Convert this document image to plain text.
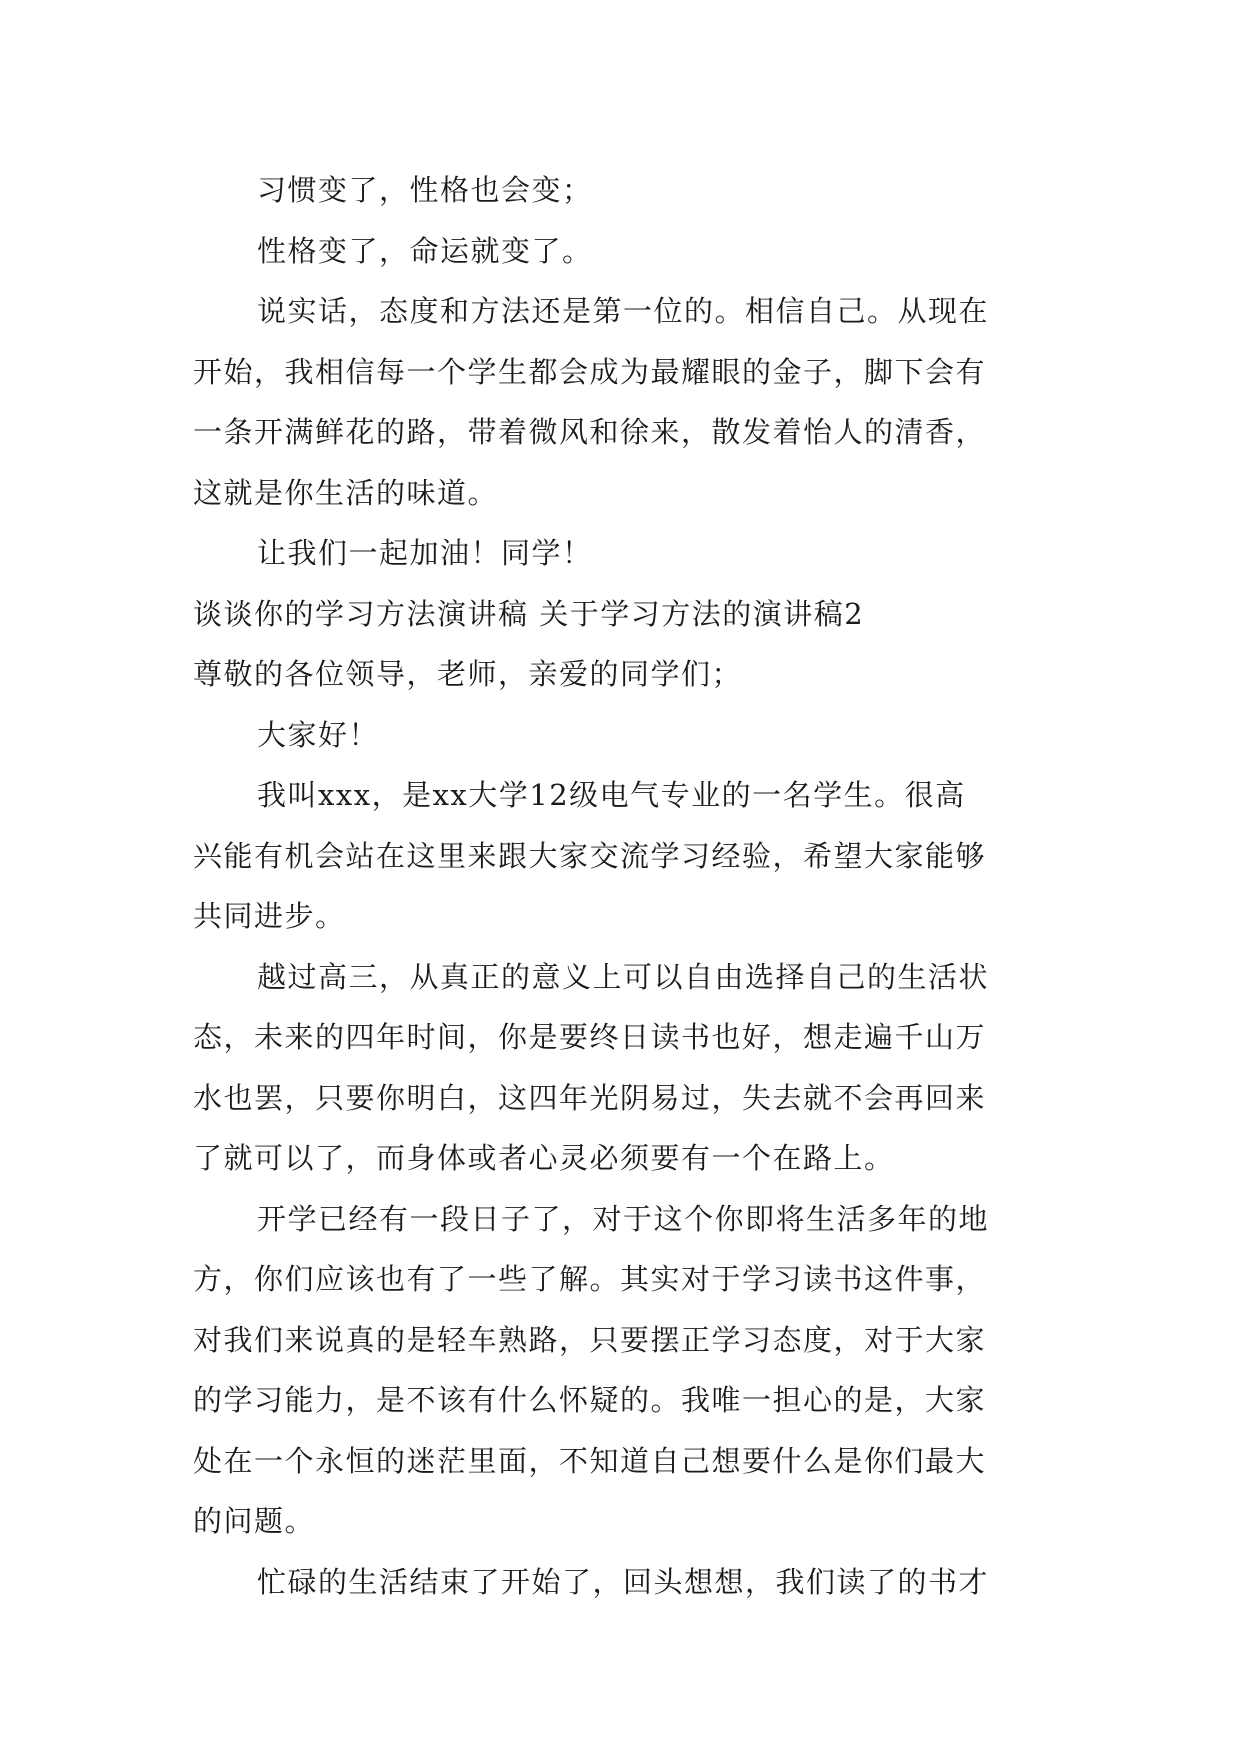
习惯变了，性格也会变；
性格变了，命运就变了。
说实话，态度和方法还是第一位的。相信自己。从现在
开始，我相信每一个学生都会成为最耀眼的金子，脚下会有
一条开满鲜花的路，带着微风和徐来，散发着怡人的清香，
这就是你生活的味道。
让我们一起加油！同学！
谈谈你的学习方法演讲稿 关于学习方法的演讲稿2
尊敬的各位领导，老师，亲爱的同学们；
大家好！
我叫xxx，是xx大学12级电气专业的一名学生。很高
兴能有机会站在这里来跟大家交流学习经验，希望大家能够
共同进步。
越过高三，从真正的意义上可以自由选择自己的生活状
态，未来的四年时间，你是要终日读书也好，想走遍千山万
水也罢，只要你明白，这四年光阴易过，失去就不会再回来
了就可以了，而身体或者心灵必须要有一个在路上。
开学已经有一段日子了，对于这个你即将生活多年的地
方，你们应该也有了一些了解。其实对于学习读书这件事，
对我们来说真的是轻车熟路，只要摆正学习态度，对于大家
的学习能力，是不该有什么怀疑的。我唯一担心的是，大家
处在一个永恒的迷茫里面，不知道自己想要什么是你们最大
的问题。
忙碌的生活结束了开始了，回头想想，我们读了的书才
